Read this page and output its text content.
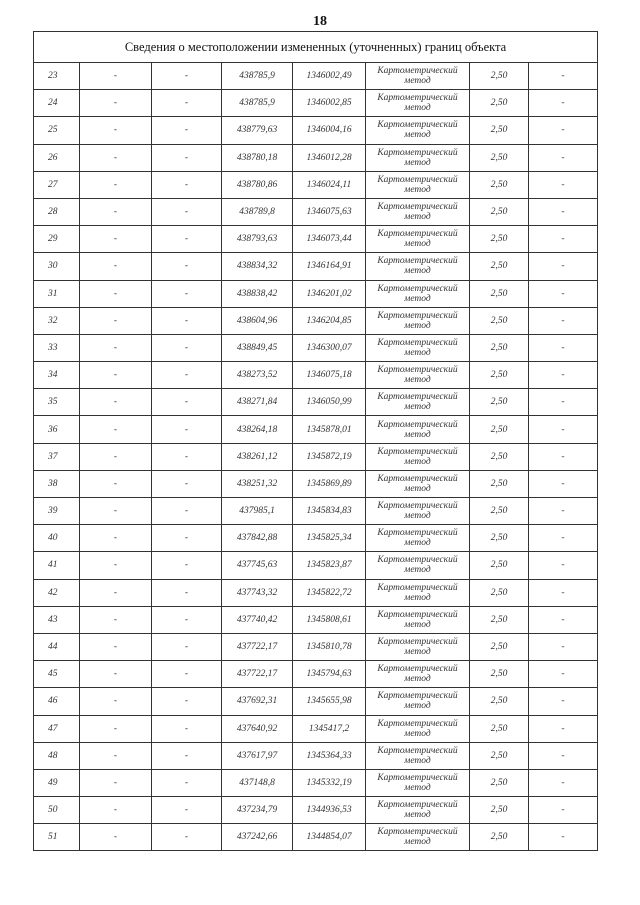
18
Сведения о местоположении измененных (уточненных) границ объекта							
23	-	-	438785,9	1346002,49	Картометрический метод	2,50	-
24	-	-	438785,9	1346002,85	Картометрический метод	2,50	-
25	-	-	438779,63	1346004,16	Картометрический метод	2,50	-
26	-	-	438780,18	1346012,28	Картометрический метод	2,50	-
27	-	-	438780,86	1346024,11	Картометрический метод	2,50	-
28	-	-	438789,8	1346075,63	Картометрический метод	2,50	-
29	-	-	438793,63	1346073,44	Картометрический метод	2,50	-
30	-	-	438834,32	1346164,91	Картометрический метод	2,50	-
31	-	-	438838,42	1346201,02	Картометрический метод	2,50	-
32	-	-	438604,96	1346204,85	Картометрический метод	2,50	-
33	-	-	438849,45	1346300,07	Картометрический метод	2,50	-
34	-	-	438273,52	1346075,18	Картометрический метод	2,50	-
35	-	-	438271,84	1346050,99	Картометрический метод	2,50	-
36	-	-	438264,18	1345878,01	Картометрический метод	2,50	-
37	-	-	438261,12	1345872,19	Картометрический метод	2,50	-
38	-	-	438251,32	1345869,89	Картометрический метод	2,50	-
39	-	-	437985,1	1345834,83	Картометрический метод	2,50	-
40	-	-	437842,88	1345825,34	Картометрический метод	2,50	-
41	-	-	437745,63	1345823,87	Картометрический метод	2,50	-
42	-	-	437743,32	1345822,72	Картометрический метод	2,50	-
43	-	-	437740,42	1345808,61	Картометрический метод	2,50	-
44	-	-	437722,17	1345810,78	Картометрический метод	2,50	-
45	-	-	437722,17	1345794,63	Картометрический метод	2,50	-
46	-	-	437692,31	1345655,98	Картометрический метод	2,50	-
47	-	-	437640,92	1345417,2	Картометрический метод	2,50	-
48	-	-	437617,97	1345364,33	Картометрический метод	2,50	-
49	-	-	437148,8	1345332,19	Картометрический метод	2,50	-
50	-	-	437234,79	1344936,53	Картометрический метод	2,50	-
51	-	-	437242,66	1344854,07	Картометрический метод	2,50	-
